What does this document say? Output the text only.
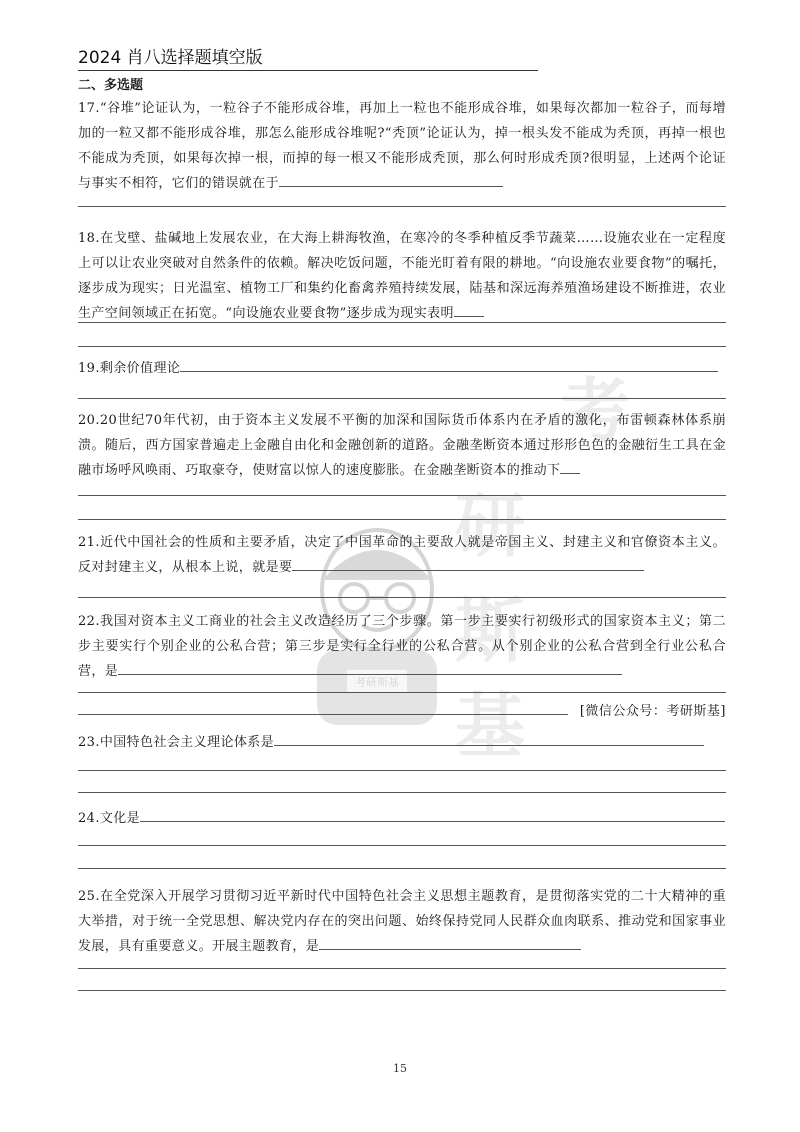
2024 肖八选择题填空版
二、多选题
考
研
斯
基
考研斯基
17.“谷堆”论证认为，一粒谷子不能形成谷堆，再加上一粒也不能形成谷堆，如果每次都加一粒谷子，而每增加的一粒又都不能形成谷堆，那怎么能形成谷堆呢?“秃顶”论证认为，掉一根头发不能成为秃顶，再掉一根也不能成为秃顶，如果每次掉一根，而掉的每一根又不能形成秃顶，那么何时形成秃顶?很明显，上述两个论证与事实不相符，它们的错误就在于
18.在戈壁、盐碱地上发展农业，在大海上耕海牧渔，在寒冷的冬季种植反季节蔬菜……设施农业在一定程度上可以让农业突破对自然条件的依赖。解决吃饭问题，不能光盯着有限的耕地。“向设施农业要食物”的嘱托，逐步成为现实；日光温室、植物工厂和集约化畜禽养殖持续发展，陆基和深远海养殖渔场建设不断推进，农业生产空间领域正在拓宽。“向设施农业要食物”逐步成为现实表明
19.剩余价值理论
20.20世纪70年代初，由于资本主义发展不平衡的加深和国际货币体系内在矛盾的激化，布雷顿森林体系崩溃。随后，西方国家普遍走上金融自由化和金融创新的道路。金融垄断资本通过形形色色的金融衍生工具在金融市场呼风唤雨、巧取豪夺，使财富以惊人的速度膨胀。在金融垄断资本的推动下
21.近代中国社会的性质和主要矛盾，决定了中国革命的主要敌人就是帝国主义、封建主义和官僚资本主义。反对封建主义，从根本上说，就是要
22.我国对资本主义工商业的社会主义改造经历了三个步骤。第一步主要实行初级形式的国家资本主义；第二步主要实行个别企业的公私合营；第三步是实行全行业的公私合营。从个别企业的公私合营到全行业公私合营，是
[微信公众号：考研斯基]
23.中国特色社会主义理论体系是
24.文化是
25.在全党深入开展学习贯彻习近平新时代中国特色社会主义思想主题教育，是贯彻落实党的二十大精神的重大举措，对于统一全党思想、解决党内存在的突出问题、始终保持党同人民群众血肉联系、推动党和国家事业发展，具有重要意义。开展主题教育，是
15
